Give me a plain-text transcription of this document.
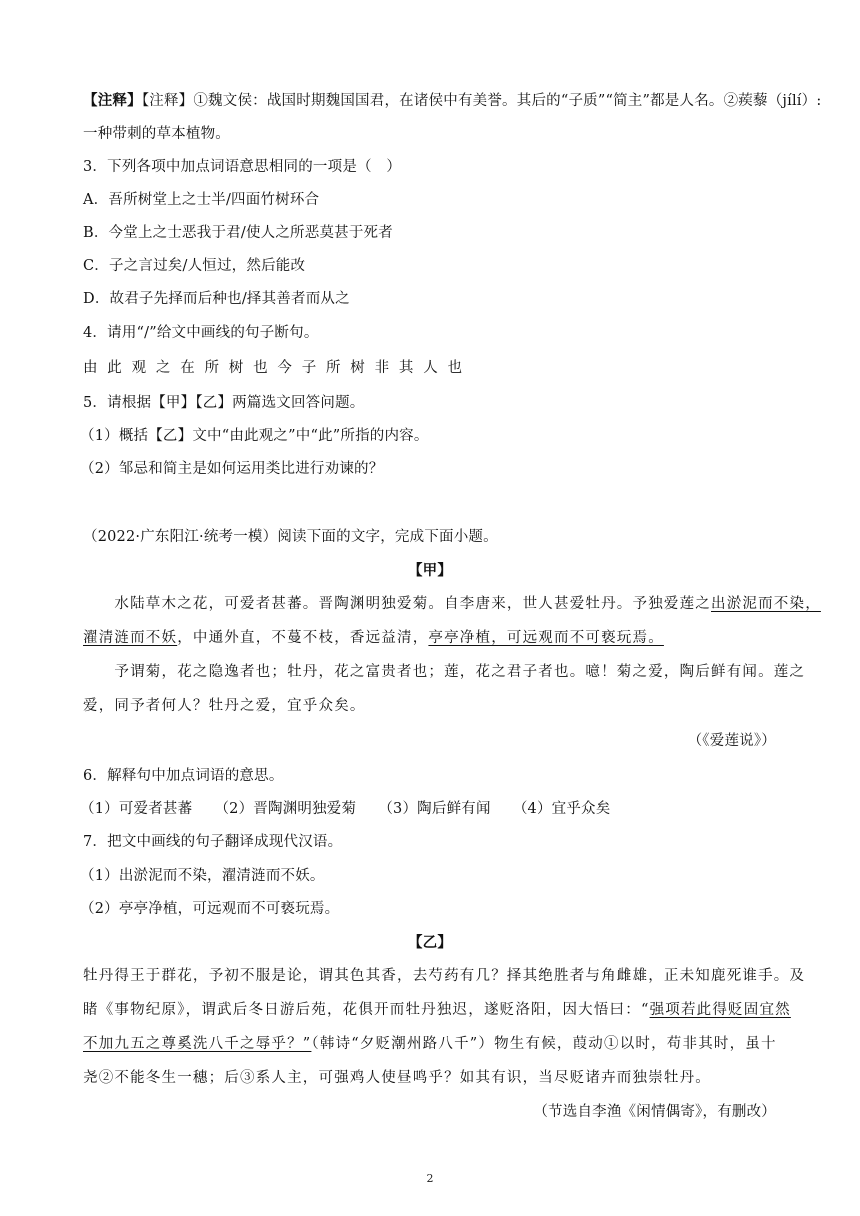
【注释】【注释】①魏文侯：战国时期魏国国君，在诸侯中有美誉。其后的“子质”“简主”都是人名。②蒺藜（jílí）:
一种带刺的草本植物。
3．下列各项中加点词语意思相同的一项是（　）
A．吾所树堂上之士半/四面竹树环合
B．今堂上之士恶我于君/使人之所恶莫甚于死者
C．子之言过矣/人恒过，然后能改
D．故君子先择而后种也/择其善者而从之
4．请用“/”给文中画线的句子断句。
由此观之在所树也今子所树非其人也
5．请根据【甲】【乙】两篇选文回答问题。
（1）概括【乙】文中“由此观之”中“此”所指的内容。
（2）邹忌和简主是如何运用类比进行劝谏的？
（2022·广东阳江·统考一模）阅读下面的文字，完成下面小题。
【甲】
　　水陆草木之花，可爱者甚蕃。晋陶渊明独爱菊。自李唐来，世人甚爱牡丹。予独爱莲之出淤泥而不染，
濯清涟而不妖，中通外直，不蔓不枝，香远益清，亭亭净植，可远观而不可亵玩焉。
　　予谓菊，花之隐逸者也；牡丹，花之富贵者也；莲，花之君子者也。噫！菊之爱，陶后鲜有闻。莲之
爱，同予者何人？牡丹之爱，宜乎众矣。
（《爱莲说》）
6．解释句中加点词语的意思。
（1）可爱者甚蕃　　（2）晋陶渊明独爱菊　　（3）陶后鲜有闻　　（4）宜乎众矣
7．把文中画线的句子翻译成现代汉语。
（1）出淤泥而不染，濯清涟而不妖。
（2）亭亭净植，可远观而不可亵玩焉。
【乙】
牡丹得王于群花，予初不服是论，谓其色其香，去芍药有几？择其绝胜者与角雌雄，正未知鹿死谁手。及
睹《事物纪原》，谓武后冬日游后苑，花俱开而牡丹独迟，遂贬洛阳，因大悟曰：“强项若此得贬固宜然
不加九五之尊奚洗八千之辱乎？”（韩诗“夕贬潮州路八千”）物生有候，葭动①以时，苟非其时，虽十
尧②不能冬生一穗；后③系人主，可强鸡人使昼鸣乎？如其有识，当尽贬诸卉而独崇牡丹。
（节选自李渔《闲情偶寄》，有删改）
2
